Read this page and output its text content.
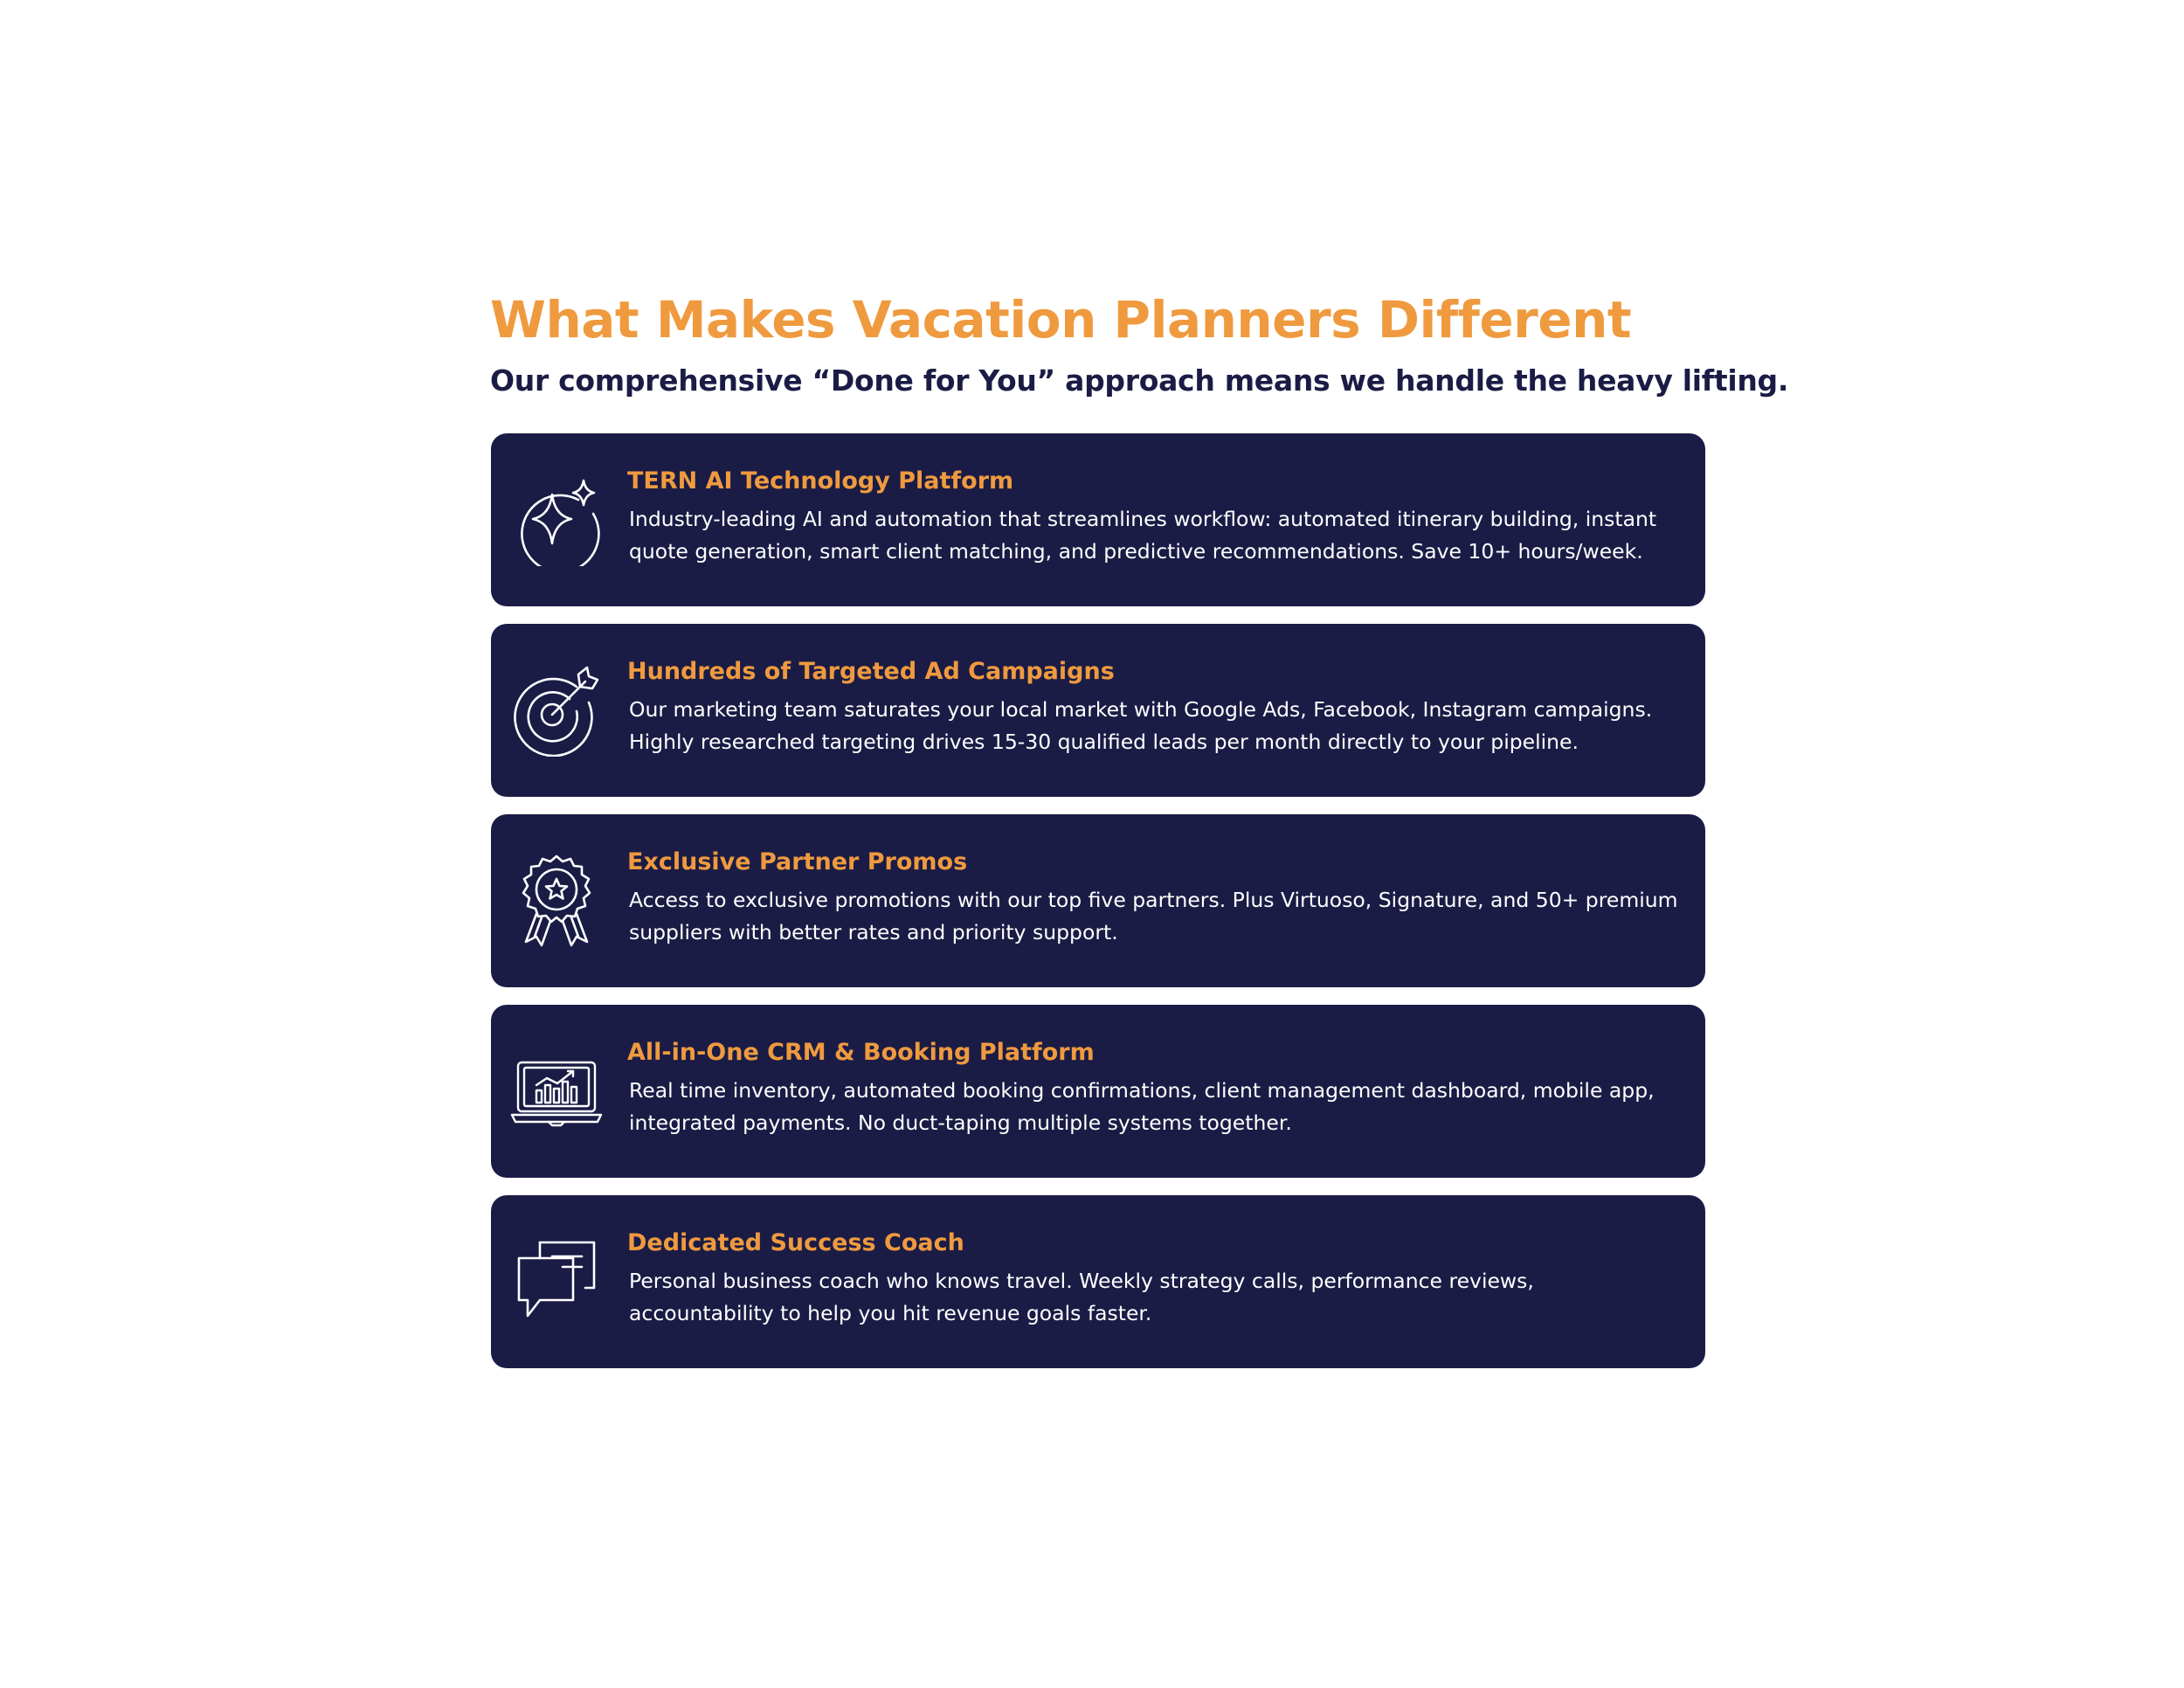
What Makes Vacation Planners Different

Our comprehensive “Done for You” approach means we handle the heavy lifting.

TERN AI Technology Platform

Industry-leading AI and automation that streamlines workflow: automated itinerary building, instant quote generation, smart client matching, and predictive recommendations. Save 10+ hours/week.

Hundreds of Targeted Ad Campaigns

Our marketing team saturates your local market with Google Ads, Facebook, Instagram campaigns. Highly researched targeting drives 15-30 qualified leads per month directly to your pipeline.

Exclusive Partner Promos

Access to exclusive promotions with our top five partners. Plus Virtuoso, Signature, and 50+ premium suppliers with better rates and priority support.

All-in-One CRM & Booking Platform

Real time inventory, automated booking confirmations, client management dashboard, mobile app, integrated payments. No duct-taping multiple systems together.

Dedicated Success Coach

Personal business coach who knows travel. Weekly strategy calls, performance reviews, accountability to help you hit revenue goals faster.
